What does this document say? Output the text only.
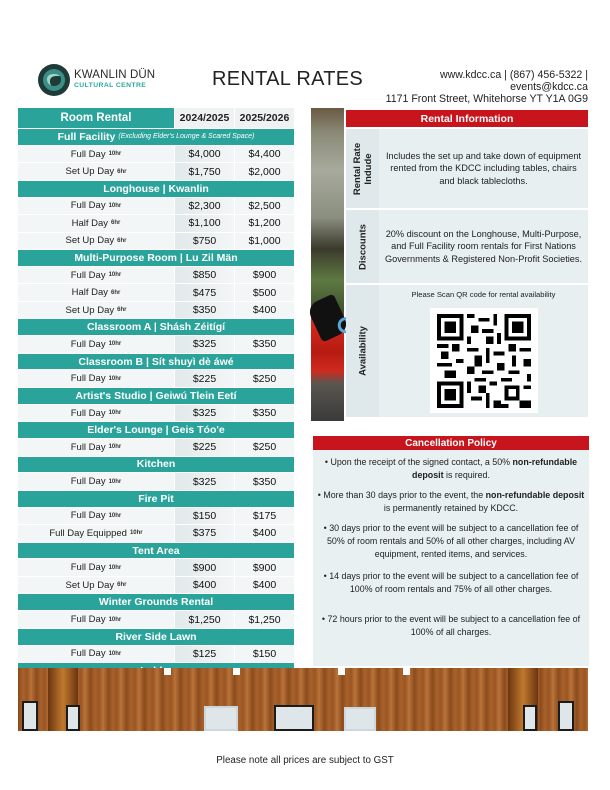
KWANLIN DÜN
CULTURAL CENTRE	RENTAL RATES	www.kdcc.ca | (867) 456-5322 |
events@kdcc.ca
1171 Front Street, Whitehorse YT Y1A 0G9
Room Rental	2024/2025 2025/2026
Full Facility (Excluding Elder's Lounge & Scared Space)
Full Day 10hr	$4,000	$4,400
Set Up Day 6hr	$1,750	$2,000
Longhouse | Kwanlin
Full Day 10hr	$2,300	$2,500
Half Day 6hr	$1,100	$1,200
Set Up Day 6hr	$750	$1,000
Multi-Purpose Room | Lu Zil Män
Full Day 10hr	$850	$900
Half Day 6hr	$475	$500
Set Up Day 6hr	$350	$400
Classroom A | Shásh Zéitígí
Full Day 10hr	$325	$350
Classroom B | Sít shuyì dè áwé
Full Day 10hr	$225	$250
Artist's Studio | Geiwú Tlein Eetí
Full Day 10hr	$325	$350
Elder's Lounge | Geis Tóo'e
Full Day 10hr	$225	$250
Kitchen
Full Day 10hr	$325	$350
Fire Pit
Full Day 10hr	$150	$175
Full Day Equipped 10hr	$375	$400
Tent Area
Full Day 10hr	$900	$900
Set Up Day 6hr	$400	$400
Winter Grounds Rental
Full Day 10hr	$1,250	$1,250
River Side Lawn
Full Day 10hr	$125	$150
Rental Information
Rental Rate Indude	Includes the set up and take down of equipment rented from the KDCC including tables, chairs and black tablecloths.
Discounts	20% discount on the Longhouse, Multi-Purpose, and Full Facility room rentals for First Nations Governments & Registered Non-Profit Societies.
Availability
Please Scan QR code for rental availability
Cancellation Policy
• Upon the receipt of the signed contact, a 50% non-refundable deposit is required.
• More than 30 days prior to the event, the non-refundable deposit is permanently retained by KDCC.
• 30 days prior to the event will be subject to a cancellation fee of 50% of room rentals and 50% of all other charges, including AV equipment, rented items, and services.
• 14 days prior to the event will be subject to a cancellation fee of 100% of room rentals and 75% of all other charges.
• 72 hours prior to the event will be subject to a cancellation fee of 100% of all charges.
Please note all prices are subject to GST
